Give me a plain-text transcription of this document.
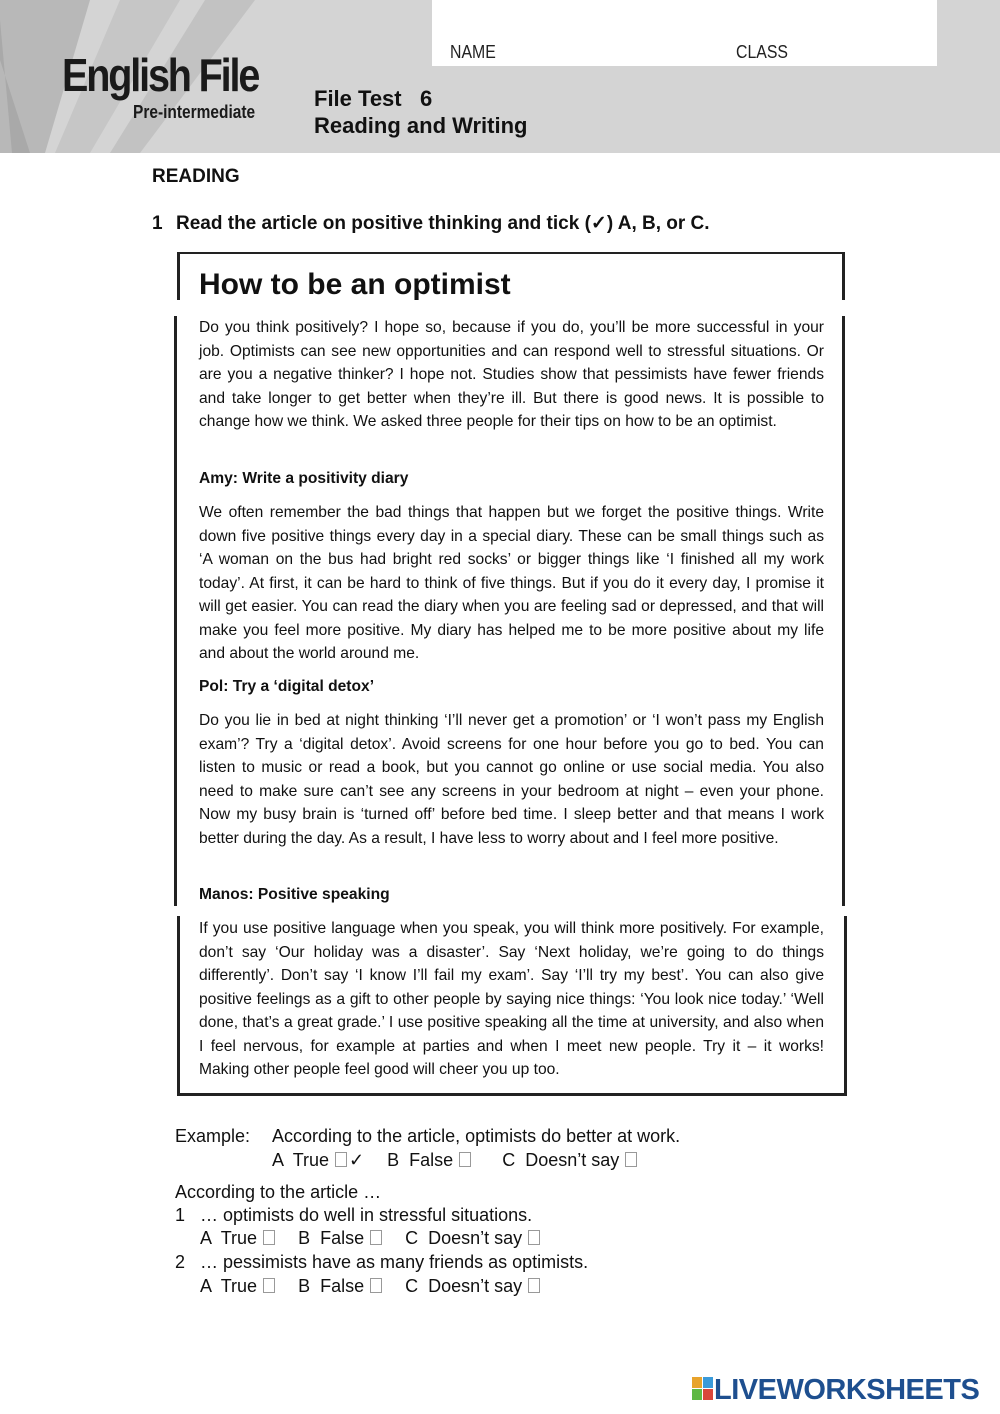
English File
Pre-intermediate
NAME	CLASS
File Test   6
Reading and Writing
READING
1 Read the article on positive thinking and tick (✓) A, B, or C.
How to be an optimist
Do you think positively? I hope so, because if you do, you’ll be more successful in your job. Optimists can see new opportunities and can respond well to stressful situations. Or are you a negative thinker? I hope not. Studies show that pessimists have fewer friends and take longer to get better when they’re ill. But there is good news. It is possible to change how we think. We asked three people for their tips on how to be an optimist.
Amy: Write a positivity diary
We often remember the bad things that happen but we forget the positive things. Write down five positive things every day in a special diary. These can be small things such as ‘A woman on the bus had bright red socks’ or bigger things like ‘I finished all my work today’. At first, it can be hard to think of five things. But if you do it every day, I promise it will get easier. You can read the diary when you are feeling sad or depressed, and that will make you feel more positive. My diary has helped me to be more positive about my life and about the world around me.
Pol: Try a ‘digital detox’
Do you lie in bed at night thinking ‘I’ll never get a promotion’ or ‘I won’t pass my English exam’? Try a ‘digital detox’. Avoid screens for one hour before you go to bed. You can listen to music or read a book, but you cannot go online or use social media. You also need to make sure can’t see any screens in your bedroom at night – even your phone. Now my busy brain is ‘turned off’ before bed time. I sleep better and that means I work better during the day. As a result, I have less to worry about and I feel more positive.
Manos: Positive speaking
If you use positive language when you speak, you will think more positively. For example, don’t say ‘Our holiday was a disaster’. Say ‘Next holiday, we’re going to do things differently’. Don’t say ‘I know I’ll fail my exam’. Say ‘I’ll try my best’. You can also give positive feelings as a gift to other people by saying nice things: ‘You look nice today.’ ‘Well done, that’s a great grade.’ I use positive speaking all the time at university, and also when I feel nervous, for example at parties and when I meet new people. Try it – it works! Making other people feel good will cheer you up too.
Example: According to the article, optimists do better at work.
A  True ✓ B  False	C  Doesn’t say
According to the article …
1 … optimists do well in stressful situations.
A  True B  False C  Doesn’t say
2 … pessimists have as many friends as optimists.
A  True B  False C  Doesn’t say
LIVEWORKSHEETS
